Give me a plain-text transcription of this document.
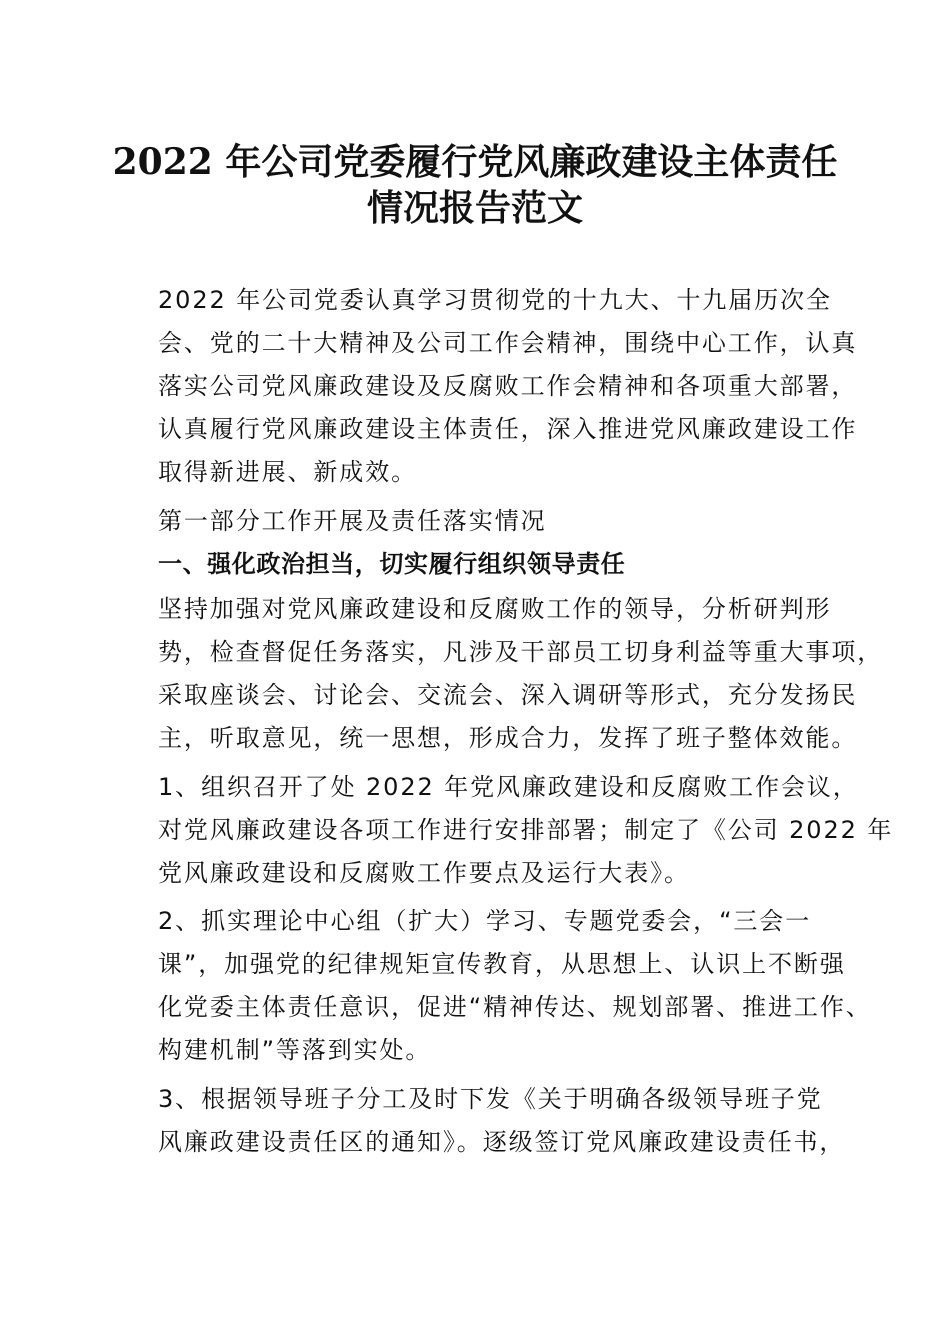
2022 年公司党委履行党风廉政建设主体责任
情况报告范文

2022 年公司党委认真学习贯彻党的十九大、十九届历次全
会、党的二十大精神及公司工作会精神，围绕中心工作，认真
落实公司党风廉政建设及反腐败工作会精神和各项重大部署，
认真履行党风廉政建设主体责任，深入推进党风廉政建设工作
取得新进展、新成效。

第一部分工作开展及责任落实情况

一、强化政治担当，切实履行组织领导责任

坚持加强对党风廉政建设和反腐败工作的领导，分析研判形
势，检查督促任务落实，凡涉及干部员工切身利益等重大事项，
采取座谈会、讨论会、交流会、深入调研等形式，充分发扬民
主，听取意见，统一思想，形成合力，发挥了班子整体效能。

1、组织召开了处 2022 年党风廉政建设和反腐败工作会议，
对党风廉政建设各项工作进行安排部署；制定了《公司 2022 年
党风廉政建设和反腐败工作要点及运行大表》。

2、抓实理论中心组（扩大）学习、专题党委会，“三会一
课”，加强党的纪律规矩宣传教育，从思想上、认识上不断强
化党委主体责任意识，促进“精神传达、规划部署、推进工作、
构建机制”等落到实处。

3、根据领导班子分工及时下发《关于明确各级领导班子党
风廉政建设责任区的通知》。逐级签订党风廉政建设责任书，
